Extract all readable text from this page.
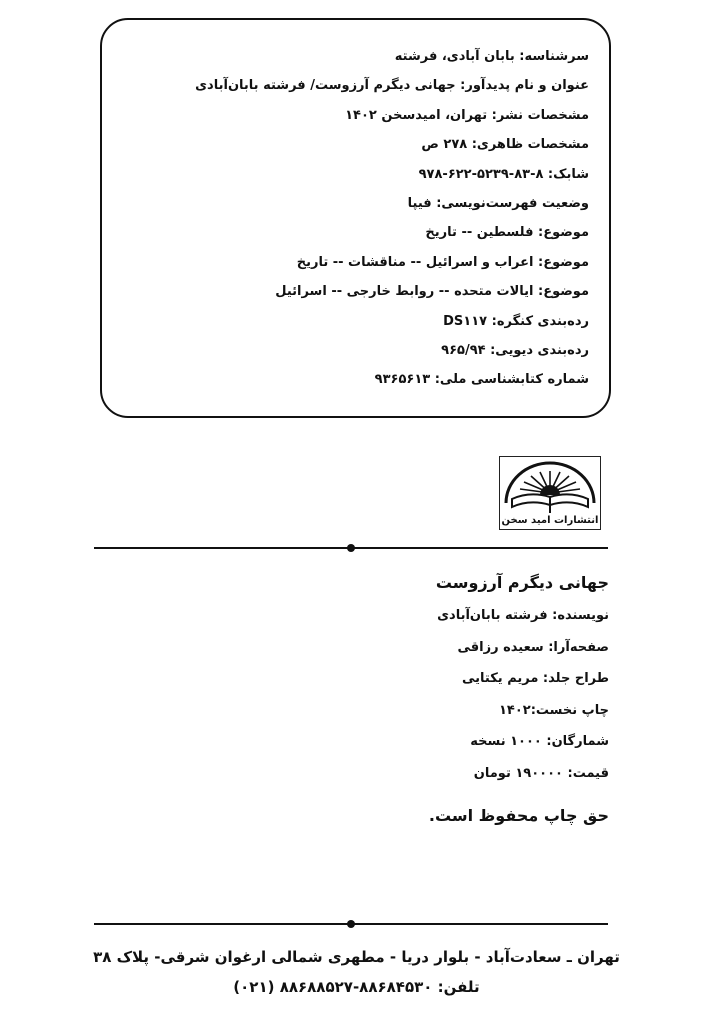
سرشناسه: بابان آبادی، فرشته
عنوان و نام پدیدآور: جهانی دیگرم آرزوست/ فرشته بابان‌آبادی
مشخصات نشر: تهران، امیدسخن ۱۴۰۲
مشخصات ظاهری: ۲۷۸ ص
شابک: ۸-۸۳-۵۲۳۹-۶۲۲-۹۷۸
وضعیت فهرست‌نویسی: فیپا
موضوع: فلسطین -- تاریخ
موضوع: اعراب و اسرائیل -- مناقشات -- تاریخ
موضوع: ایالات متحده -- روابط خارجی -- اسرائیل
رده‌بندی کنگره: DS۱۱۷
رده‌بندی دیویی: ۹۶۵/۹۴
شماره کتابشناسی ملی: ۹۳۶۵۶۱۳
انتشارات امید سخن
جهانی دیگرم آرزوست
نویسنده: فرشته بابان‌آبادی
صفحه‌آرا: سعیده رزاقی
طراح جلد: مریم یکتایی
چاپ نخست:۱۴۰۲
شمارگان: ۱۰۰۰ نسخه
قیمت: ۱۹۰۰۰۰ تومان
حق چاپ محفوظ است.
تهران ـ سعادت‌آباد - بلوار دریا - مطهری شمالی ارغوان شرقی- پلاک ۳۸
تلفن: ۸۸۶۸۴۵۳۰-۸۸۶۸۸۵۲۷ (۰۲۱)
